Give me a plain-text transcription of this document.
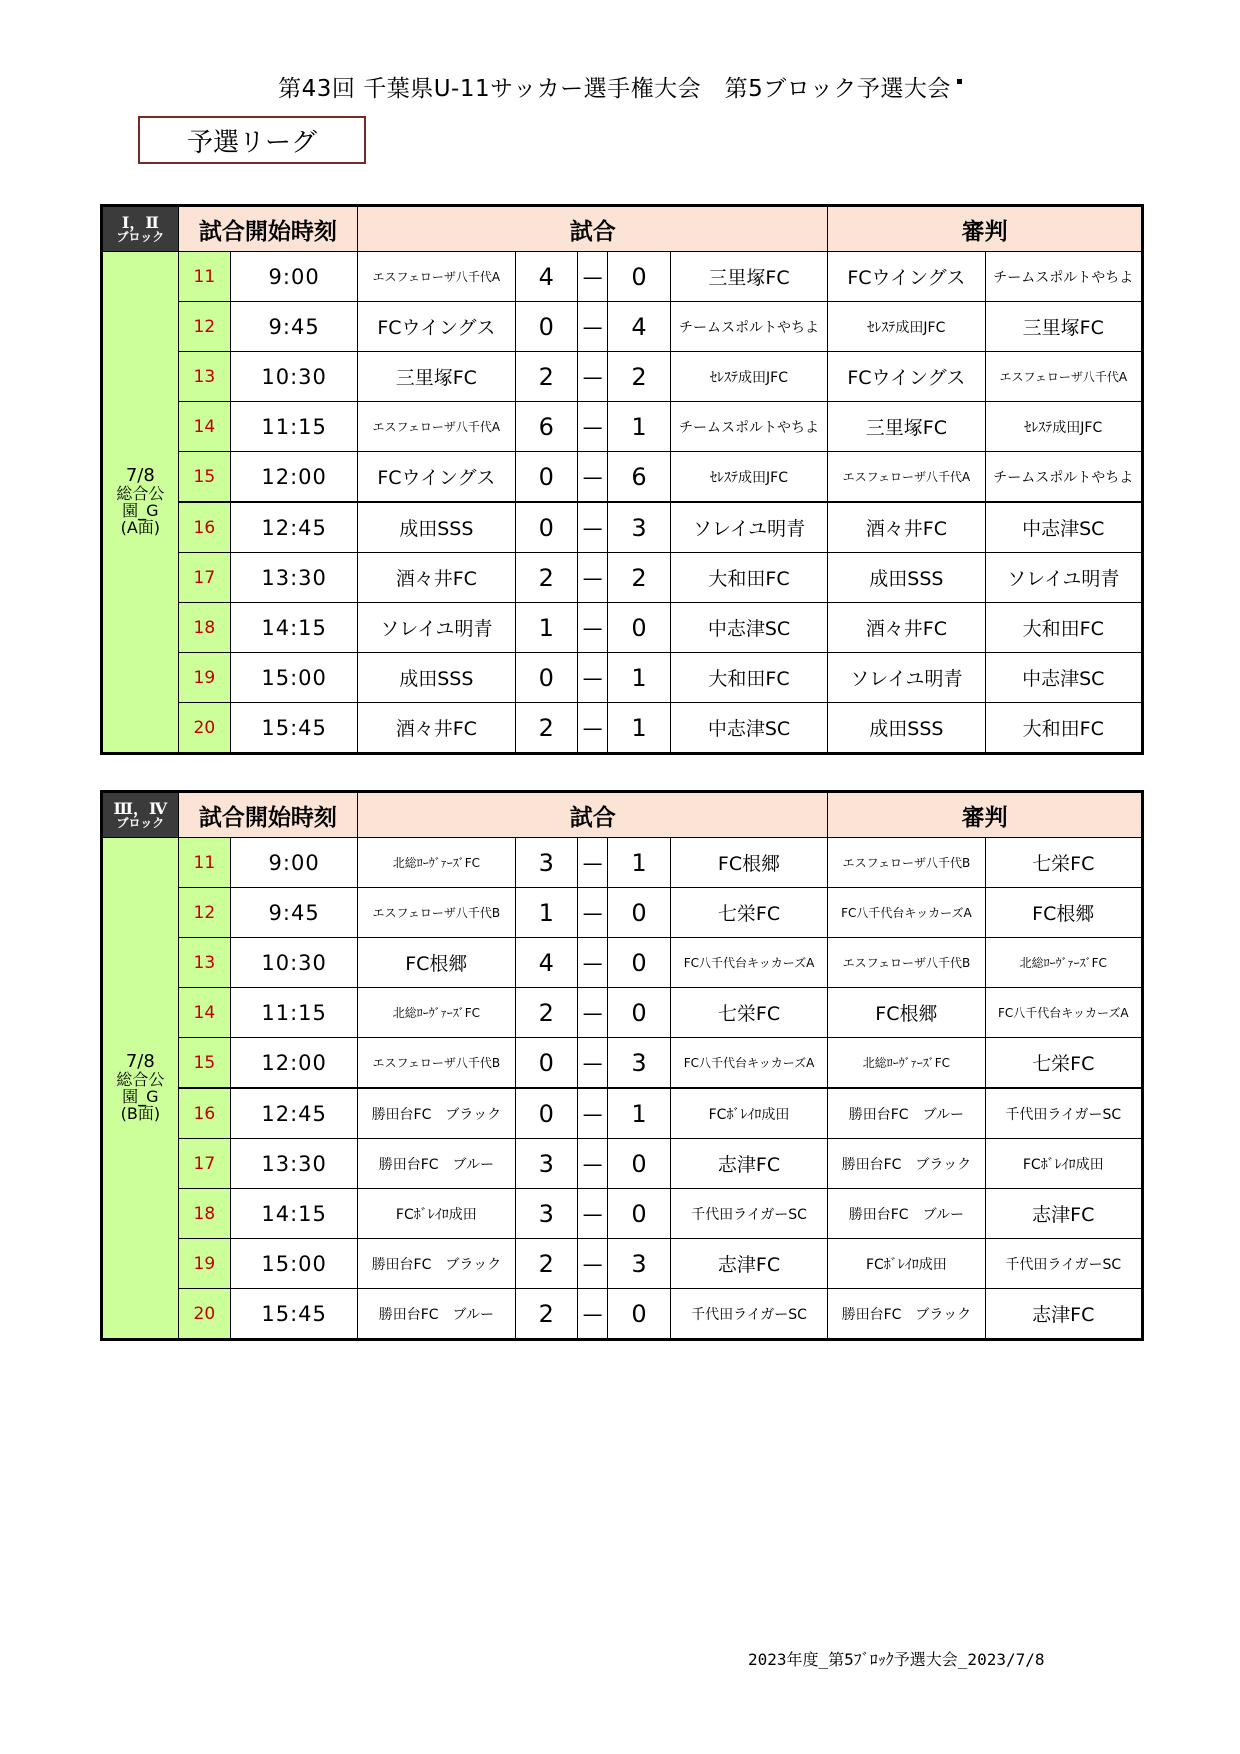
第43回 千葉県U-11サッカー選手権大会　第5ブロック予選大会
予選リーグ
Ⅰ，Ⅱ
ブロック	試合開始時刻		試合					審判	

7/8
総合公
園_G
(A面)	11	9:00	エスフェローザ八千代A	4	—	0	三里塚FC	FCウイングス	チームスポルトやちよ
	12	9:45	FCウイングス	0	—	4	チームスポルトやちよ	ｾﾚｽﾃ成田JFC	三里塚FC
	13	10:30	三里塚FC	2	—	2	ｾﾚｽﾃ成田JFC	FCウイングス	エスフェローザ八千代A
	14	11:15	エスフェローザ八千代A	6	—	1	チームスポルトやちよ	三里塚FC	ｾﾚｽﾃ成田JFC
	15	12:00	FCウイングス	0	—	6	ｾﾚｽﾃ成田JFC	エスフェローザ八千代A	チームスポルトやちよ
	16	12:45	成田SSS	0	—	3	ソレイユ明青	酒々井FC	中志津SC
	17	13:30	酒々井FC	2	—	2	大和田FC	成田SSS	ソレイユ明青
	18	14:15	ソレイユ明青	1	—	0	中志津SC	酒々井FC	大和田FC
	19	15:00	成田SSS	0	—	1	大和田FC	ソレイユ明青	中志津SC
	20	15:45	酒々井FC	2	—	1	中志津SC	成田SSS	大和田FC
Ⅲ，Ⅳ
ブロック	試合開始時刻		試合					審判	

7/8
総合公
園_G
(B面)	11	9:00	北総ﾛｰｳﾞｧｰｽﾞFC	3	—	1	FC根郷	エスフェローザ八千代B	七栄FC
	12	9:45	エスフェローザ八千代B	1	—	0	七栄FC	FC八千代台キッカーズA	FC根郷
	13	10:30	FC根郷	4	—	0	FC八千代台キッカーズA	エスフェローザ八千代B	北総ﾛｰｳﾞｧｰｽﾞFC
	14	11:15	北総ﾛｰｳﾞｧｰｽﾞFC	2	—	0	七栄FC	FC根郷	FC八千代台キッカーズA
	15	12:00	エスフェローザ八千代B	0	—	3	FC八千代台キッカーズA	北総ﾛｰｳﾞｧｰｽﾞFC	七栄FC
	16	12:45	勝田台FC　ブラック	0	—	1	FCﾎﾞﾚｲﾛ成田	勝田台FC　ブルー	千代田ライガーSC
	17	13:30	勝田台FC　ブルー	3	—	0	志津FC	勝田台FC　ブラック	FCﾎﾞﾚｲﾛ成田
	18	14:15	FCﾎﾞﾚｲﾛ成田	3	—	0	千代田ライガーSC	勝田台FC　ブルー	志津FC
	19	15:00	勝田台FC　ブラック	2	—	3	志津FC	FCﾎﾞﾚｲﾛ成田	千代田ライガーSC
	20	15:45	勝田台FC　ブルー	2	—	0	千代田ライガーSC	勝田台FC　ブラック	志津FC
2023年度_第5ﾌﾞﾛｯｸ予選大会_2023/7/8
